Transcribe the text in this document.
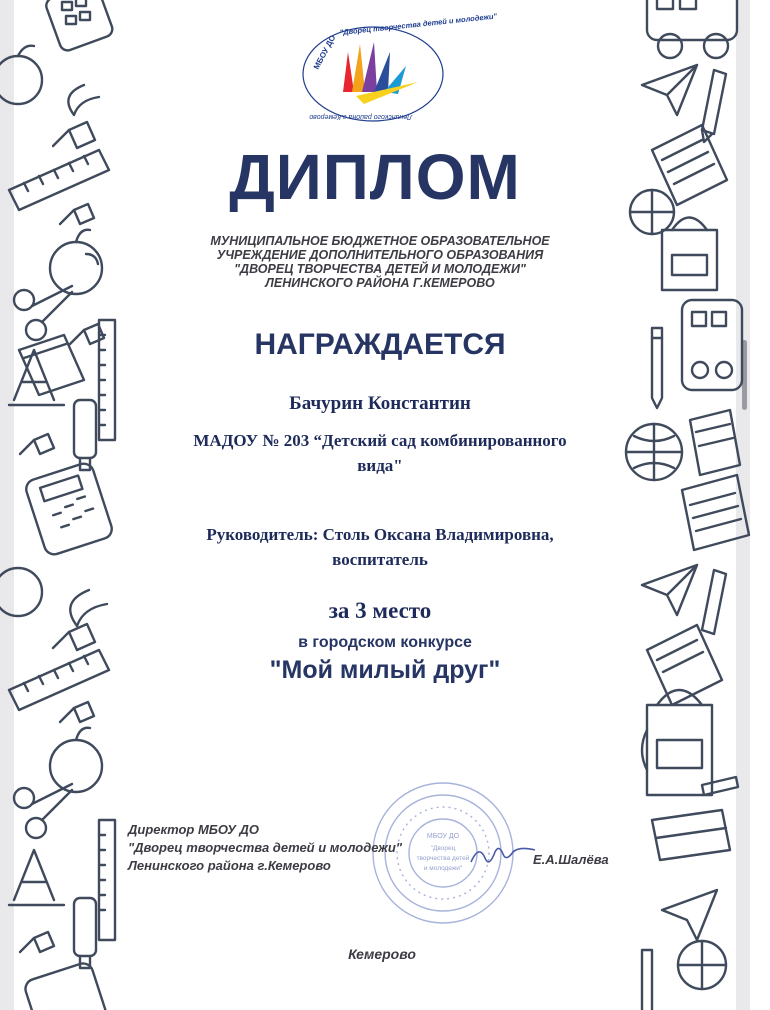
МБОУ ДО
"Дворец творчества детей и молодежи"
Ленинского района г.Кемерово
ДИПЛОМ
МУНИЦИПАЛЬНОЕ БЮДЖЕТНОЕ ОБРАЗОВАТЕЛЬНОЕ
УЧРЕЖДЕНИЕ ДОПОЛНИТЕЛЬНОГО ОБРАЗОВАНИЯ
"ДВОРЕЦ ТВОРЧЕСТВА ДЕТЕЙ И МОЛОДЕЖИ"
ЛЕНИНСКОГО РАЙОНА Г.КЕМЕРОВО
НАГРАЖДАЕТСЯ
Бачурин Константин
МАДОУ № 203 “Детский сад комбинированного
вида"
Руководитель: Столь Оксана Владимировна,
воспитатель
за 3 место
в городском конкурсе
"Мой милый друг"
МБОУ ДО
"Дворец
творчества детей
и молодежи"
Директор МБОУ ДО
"Дворец творчества детей и молодежи"
Ленинского района г.Кемерово	Е.А.Шалёва
Кемерово
